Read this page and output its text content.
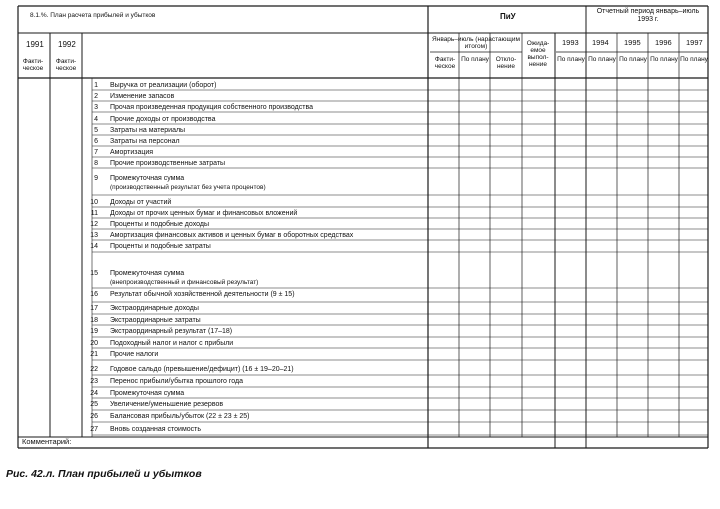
8.1.%. План расчета прибылей и убытков	ПиУ
Отчетный период январь–июль 1993 г.
1991 1992
Факти-ческое
Факти-ческое
Январь–июль (нарастающим итогом)
Факти-ческое
По плану	Откло-нение
Ожида-емое выпол-нение
1993 1994 1995 1996 1997
По плану По плану По плану По плану По плану
1 Выручка от реализации (оборот)
2 Изменение запасов
3 Прочая произведенная продукция собственного производства
4 Прочие доходы от производства
5 Затраты на материалы
6 Затраты на персонал
7 Амортизация
8 Прочие производственные затраты
9 Промежуточная сумма
(производственный результат без учета процентов)
10 Доходы от участий
11 Доходы от прочих ценных бумаг и финансовых вложений
12 Проценты и подобные доходы
13 Амортизация финансовых активов и ценных бумаг в оборотных средствах
14 Проценты и подобные затраты
15 Промежуточная сумма
(внепроизводственный и финансовый результат)
16 Результат обычной хозяйственной деятельности (9 ± 15)
17 Экстраординарные доходы
18 Экстраординарные затраты
19 Экстраординарный результат (17–18)
20 Подоходный налог и налог с прибыли
21 Прочие налоги
22 Годовое сальдо (превышение/дефицит) (16 ± 19–20–21)
23 Перенос прибыли/убытка прошлого года
24 Промежуточная сумма
25 Увеличение/уменьшение резервов
26 Балансовая прибыль/убыток (22 ± 23 ± 25)
27 Вновь созданная стоимость
Комментарий:
Рис. 42.л. План прибылей и убытков
